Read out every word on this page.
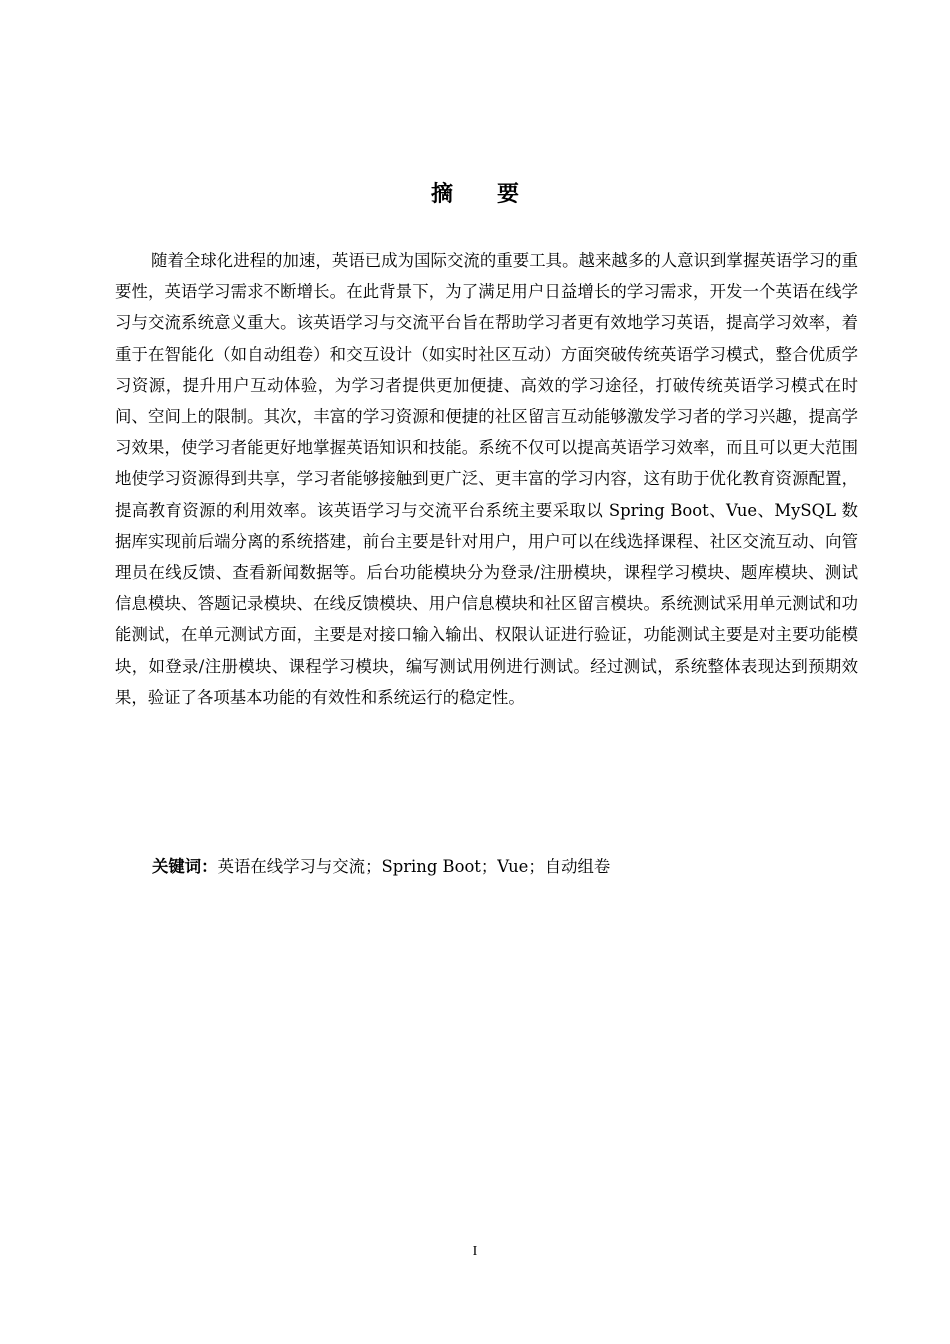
摘要

随着全球化进程的加速，英语已成为国际交流的重要工具。越来越多的人意识到掌握英语学习的重要性，英语学习需求不断增长。在此背景下，为了满足用户日益增长的学习需求，开发一个英语在线学习与交流系统意义重大。该英语学习与交流平台旨在帮助学习者更有效地学习英语，提高学习效率，着重于在智能化（如自动组卷）和交互设计（如实时社区互动）方面突破传统英语学习模式，整合优质学习资源，提升用户互动体验，为学习者提供更加便捷、高效的学习途径，打破传统英语学习模式在时间、空间上的限制。其次，丰富的学习资源和便捷的社区留言互动能够激发学习者的学习兴趣，提高学习效果，使学习者能更好地掌握英语知识和技能。系统不仅可以提高英语学习效率，而且可以更大范围地使学习资源得到共享，学习者能够接触到更广泛、更丰富的学习内容，这有助于优化教育资源配置，提高教育资源的利用效率。该英语学习与交流平台系统主要采取以 Spring Boot、Vue、MySQL 数据库实现前后端分离的系统搭建，前台主要是针对用户，用户可以在线选择课程、社区交流互动、向管理员在线反馈、查看新闻数据等。后台功能模块分为登录/注册模块，课程学习模块、题库模块、测试信息模块、答题记录模块、在线反馈模块、用户信息模块和社区留言模块。系统测试采用单元测试和功能测试，在单元测试方面，主要是对接口输入输出、权限认证进行验证，功能测试主要是对主要功能模块，如登录/注册模块、课程学习模块，编写测试用例进行测试。经过测试，系统整体表现达到预期效果，验证了各项基本功能的有效性和系统运行的稳定性。

关键词：英语在线学习与交流；Spring Boot；Vue；自动组卷
I
